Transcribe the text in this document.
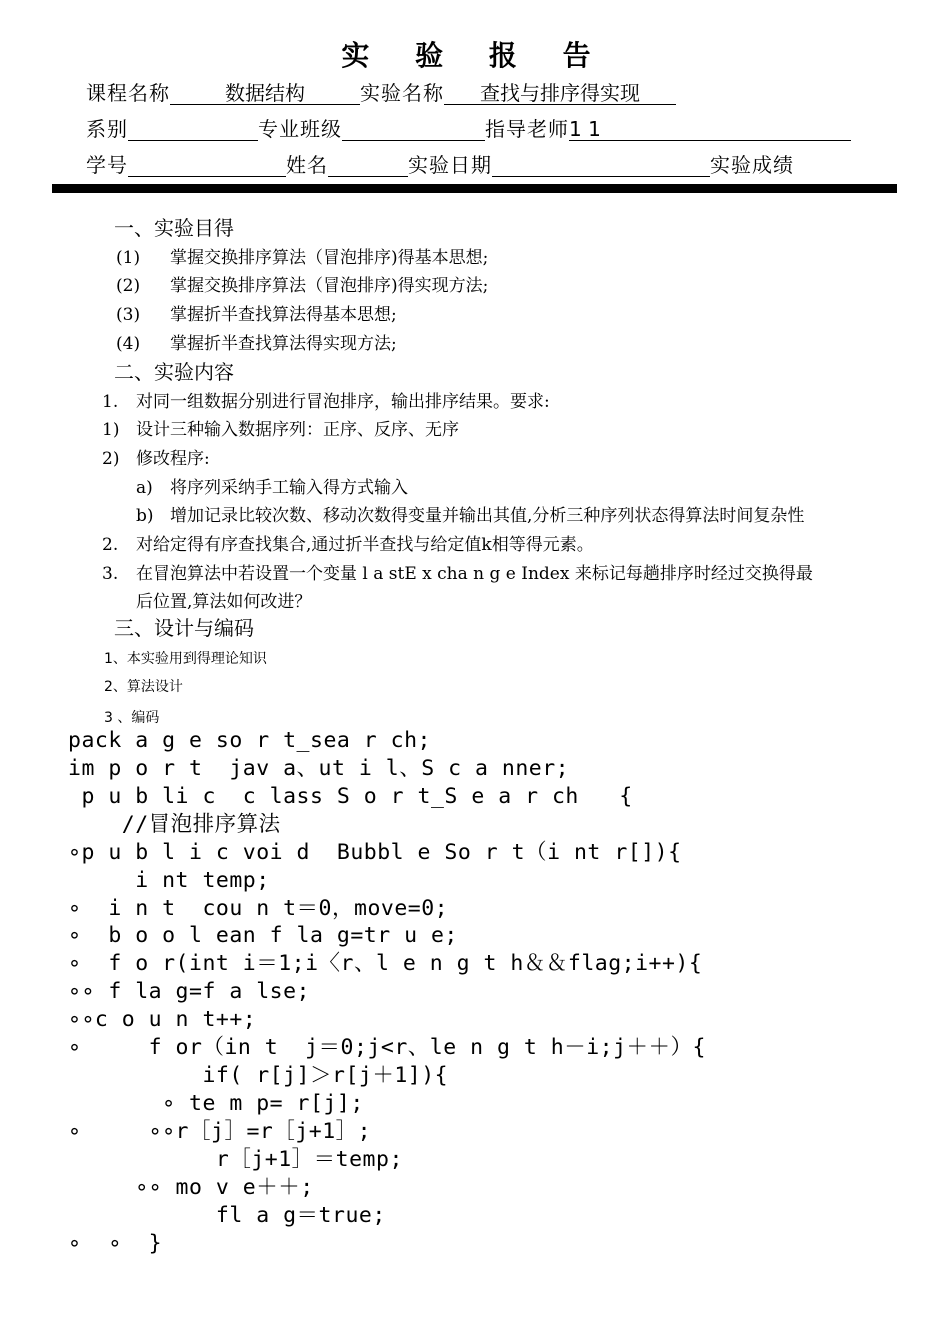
实 验 报 告
课程名称	数据结构	实验名称 查找与排序得实现
系别	专业班级	指导老师1 1
学号	姓名	实验日期	实验成绩
一、实验目得
(1) 掌握交换排序算法（冒泡排序)得基本思想;
(2) 掌握交换排序算法（冒泡排序)得实现方法;
(3) 掌握折半查找算法得基本思想;
(4) 掌握折半查找算法得实现方法;
二、实验内容
1. 对同一组数据分别进行冒泡排序，输出排序结果。要求:
1) 设计三种输入数据序列：正序、反序、无序
2) 修改程序:
a) 将序列采纳手工输入得方式输入
b) 增加记录比较次数、移动次数得变量并输出其值,分析三种序列状态得算法时间复杂性
2. 对给定得有序查找集合,通过折半查找与给定值k相等得元素。
3. 在冒泡算法中若设置一个变量 l a stE x cha n g e Index 来标记每趟排序时经过交换得最
后位置,算法如何改进？
三、设计与编码
1、本实验用到得理论知识
2、算法设计
3 、编码
pack a g e so r t_sea r ch;
im p o r t  jav a、ut i l、S c a nner;
p u b li c  c lass S o r t_S e a r ch   {
//冒泡排序算法
∘p u b l i c voi d  Bubbl e So r t（i nt r[]){
i nt temp;
∘  i n t  cou n t＝0，move=0;
∘  b o o l ean f la g=tr u e;
∘  f o r(int i＝1;i〈r、l e n g t h＆＆flag;i++){
∘∘ f la g=f a lse;
∘∘c o u n t++;
∘     f or（in t  j＝0;j<r、le n g t h－i;j＋＋）{
if( r[j]＞r[j＋1]){
∘ te m p= r[j];
∘     ∘∘r［j］=r［j+1］;
r［j+1］＝temp;
∘∘ mo v e＋＋;
fl a g＝true;
∘  ∘  }
